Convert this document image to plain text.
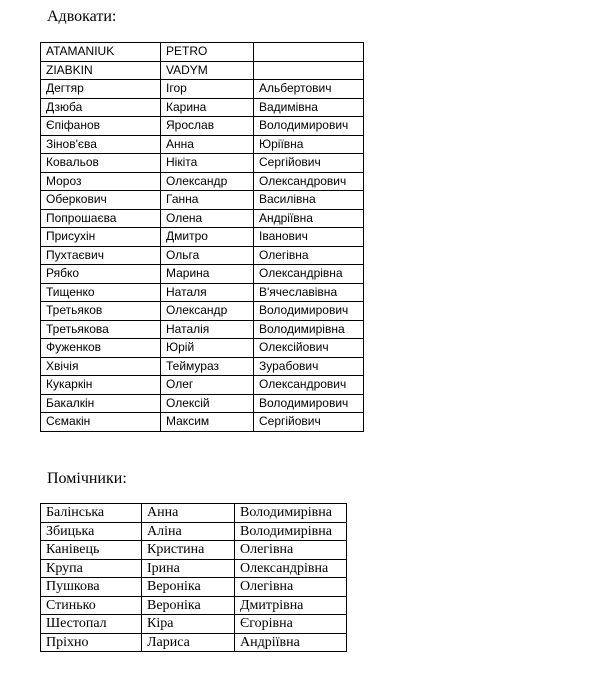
Адвокати:
ATAMANIUK	PETRO	
ZIABKIN	VADYM	
Дегтяр	Ігор	Альбертович
Дзюба	Карина	Вадимівна
Єпіфанов	Ярослав	Володимирович
Зінов'єва	Анна	Юріївна
Ковальов	Нікіта	Сергійович
Мороз	Олександр	Олександрович
Оберкович	Ганна	Василівна
Попрошаєва	Олена	Андріївна
Присухін	Дмитро	Іванович
Пухтаєвич	Ольга	Олегівна
Рябко	Марина	Олександрівна
Тищенко	Наталя	В'ячеславівна
Третьяков	Олександр	Володимирович
Третьякова	Наталія	Володимирівна
Фуженков	Юрій	Олексійович
Хвічія	Теймураз	Зурабович
Кукаркін	Олег	Олександрович
Бакалкін	Олексій	Володимирович
Сємакін	Максим	Сергійович
Помічники:
Балінська	Анна	Володимирівна
Збицька	Аліна	Володимирівна
Канівець	Кристина	Олегівна
Крупа	Ірина	Олександрівна
Пушкова	Вероніка	Олегівна
Стинько	Вероніка	Дмитрівна
Шестопал	Кіра	Єгорівна
Пріхно	Лариса	Андріївна
